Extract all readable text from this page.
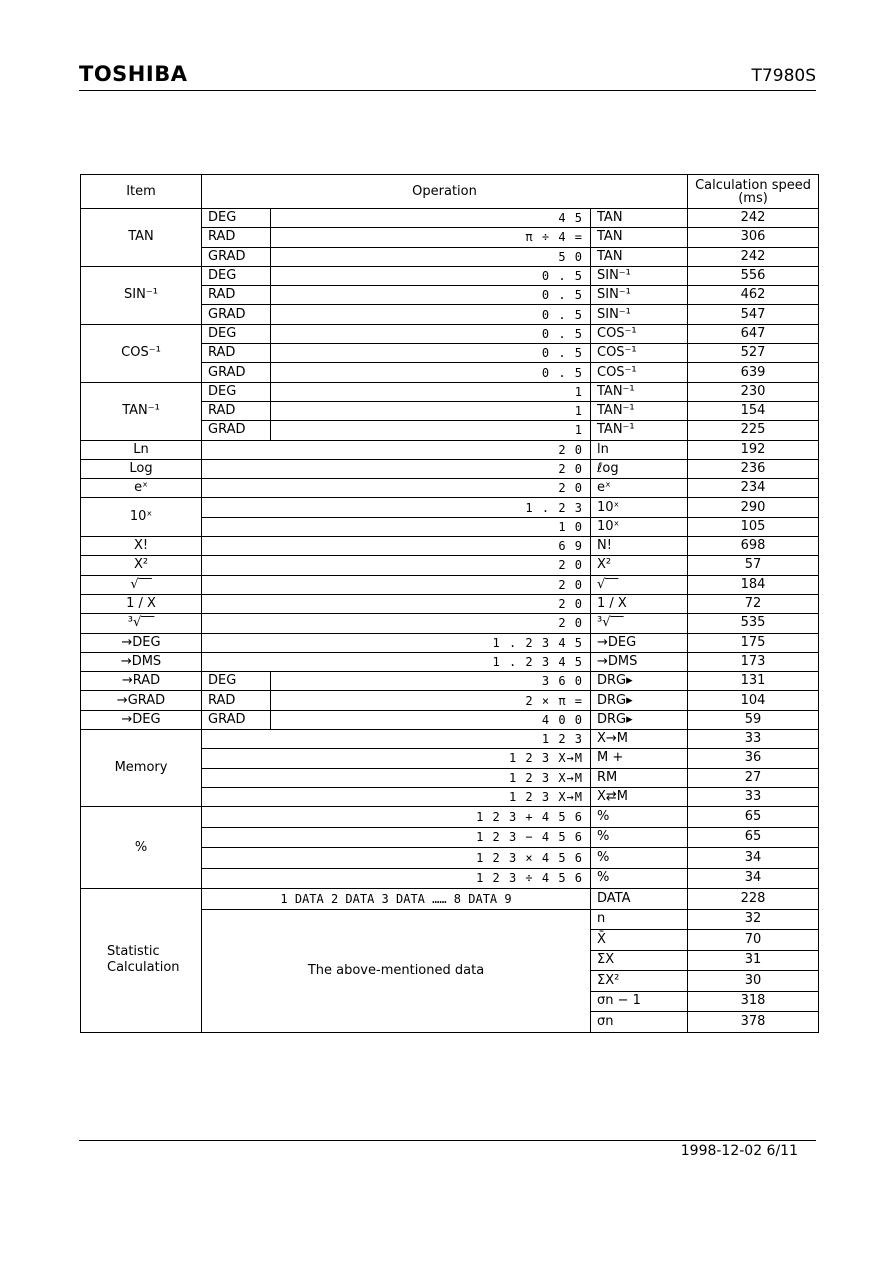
TOSHIBA	T7980S
Item	Operation			Calculation speed
(ms)

TAN	DEG	4 5	TAN	242
	RAD	π ÷ 4 =	TAN	306
	GRAD	5 0	TAN	242
SIN⁻¹	DEG	0 . 5	SIN⁻¹	556
	RAD	0 . 5	SIN⁻¹	462
	GRAD	0 . 5	SIN⁻¹	547
COS⁻¹	DEG	0 . 5	COS⁻¹	647
	RAD	0 . 5	COS⁻¹	527
	GRAD	0 . 5	COS⁻¹	639
TAN⁻¹	DEG	1	TAN⁻¹	230
	RAD	1	TAN⁻¹	154
	GRAD	1	TAN⁻¹	225
Ln	2 0		ln	192
Log	2 0		ℓog	236
eˣ	2 0		eˣ	234
10ˣ	1 . 2 3		10ˣ	290
	1 0		10ˣ	105
X!	6 9		N!	698
X²	2 0		X²	57
√‾‾	2 0		√‾‾	184
1 / X	2 0		1 / X	72
³√‾‾	2 0		³√‾‾	535
→DEG	1 . 2 3 4 5		→DEG	175
→DMS	1 . 2 3 4 5		→DMS	173
→RAD	DEG	3 6 0	DRG▸	131
→GRAD	RAD	2 × π =	DRG▸	104
→DEG	GRAD	4 0 0	DRG▸	59
Memory	1 2 3		X→M	33
	1 2 3 X→M		M +	36
	1 2 3 X→M		RM	27
	1 2 3 X→M		X⇄M	33
%	1 2 3 + 4 5 6		%	65
	1 2 3 − 4 5 6		%	65
	1 2 3 × 4 5 6		%	34
	1 2 3 ÷ 4 5 6		%	34

Statistic
Calculation	1 DATA 2 DATA 3 DATA …… 8 DATA 9		DATA	228
	The above-mentioned data		n	32
			X̄	70
			ΣX	31
			ΣX²	30
			σn − 1	318
			σn	378
1998-12-02 6/11
